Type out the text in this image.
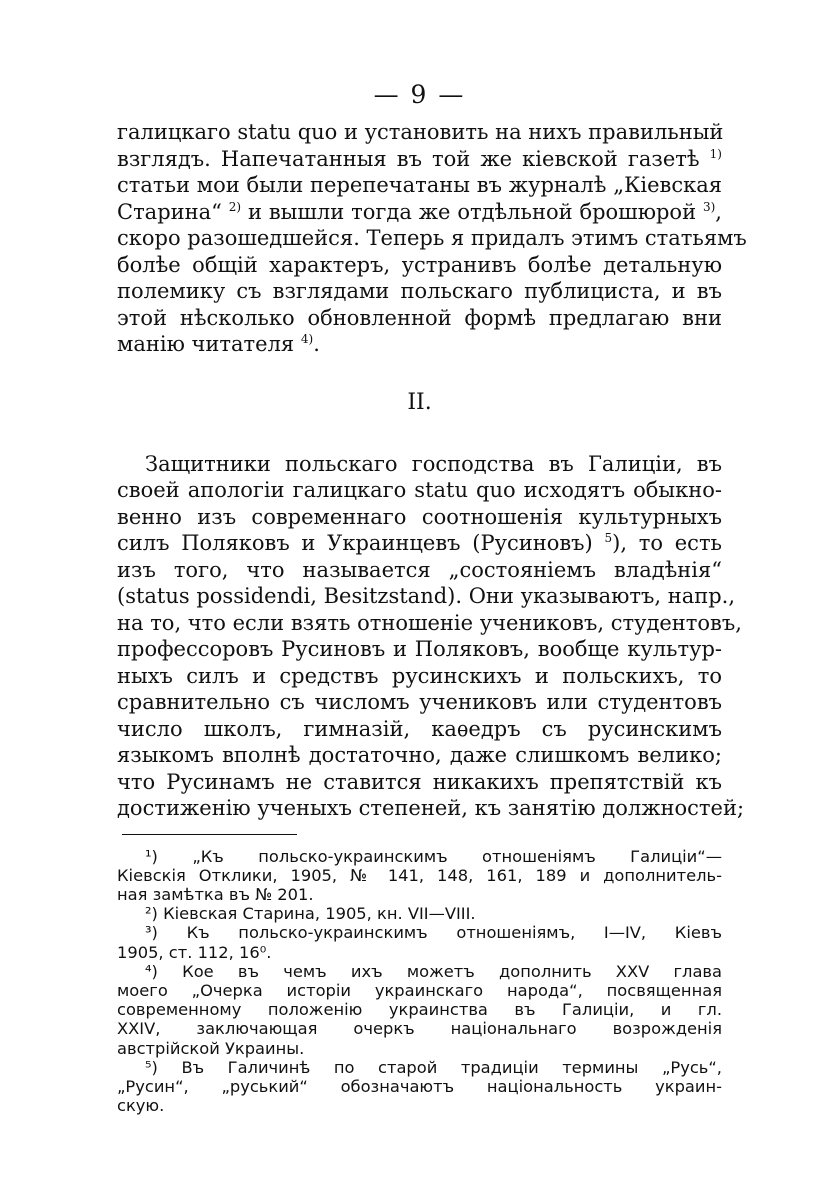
— 9 —
галицкаго statu quo и установить на нихъ правильный
взглядъ. Напечатанныя въ той же кіевской газетѣ $^{1)}$
статьи мои были перепечатаны въ журналѣ „Кіевская
Старина“ $^{2)}$ и вышли тогда же отдѣльной брошюрой $^{3)}$,
скоро разошедшейся. Теперь я придалъ этимъ статьямъ
болѣе общій характеръ, устранивъ болѣе детальную
полемику съ взглядами польскаго публициста, и въ
этой нѣсколько обновленной формѣ предлагаю вни
манію читателя $^{4)}$.
II.
Защитники польскаго господства въ Галиціи, въ
своей апологіи галицкаго statu quo исходятъ обыкно-
венно изъ современнаго соотношенія культурныхъ
силъ Поляковъ и Украинцевъ (Русиновъ) $^5$), то есть
изъ того, что называется „состояніемъ владѣнія“
(status possidendi, Besitzstand). Они указываютъ, напр.,
на то, что если взять отношеніе учениковъ, студентовъ,
профессоровъ Русиновъ и Поляковъ, вообще культур-
ныхъ силъ и средствъ русинскихъ и польскихъ, то
сравнительно съ числомъ учениковъ или студентовъ
число школъ, гимназій, каѳедръ съ русинскимъ
языкомъ вполнѣ достаточно, даже слишкомъ велико;
что Русинамъ не ставится никакихъ препятствій къ
достиженію ученыхъ степеней, къ занятію должностей;
¹) „Къ польско-украинскимъ отношеніямъ Галиціи“—
Кіевскія Отклики, 1905, № 141, 148, 161, 189 и дополнитель-
ная замѣтка въ № 201.
²) Кіевская Старина, 1905, кн. VII—VIII.
³) Къ польско-украинскимъ отношеніямъ, I—IV, Кіевъ
1905, ст. 112, 16⁰.
⁴) Кое въ чемъ ихъ можетъ дополнить XXV глава
моего „Очерка исторіи украинскаго народа“, посвященная
современному положенію украинства въ Галиціи, и гл.
XXIV, заключающая очеркъ національнаго возрожденія
австрійской Украины.
⁵) Въ Галичинѣ по старой традиціи термины „Русь“,
„Русин“, „руський“ обозначаютъ національность украин-
скую.
